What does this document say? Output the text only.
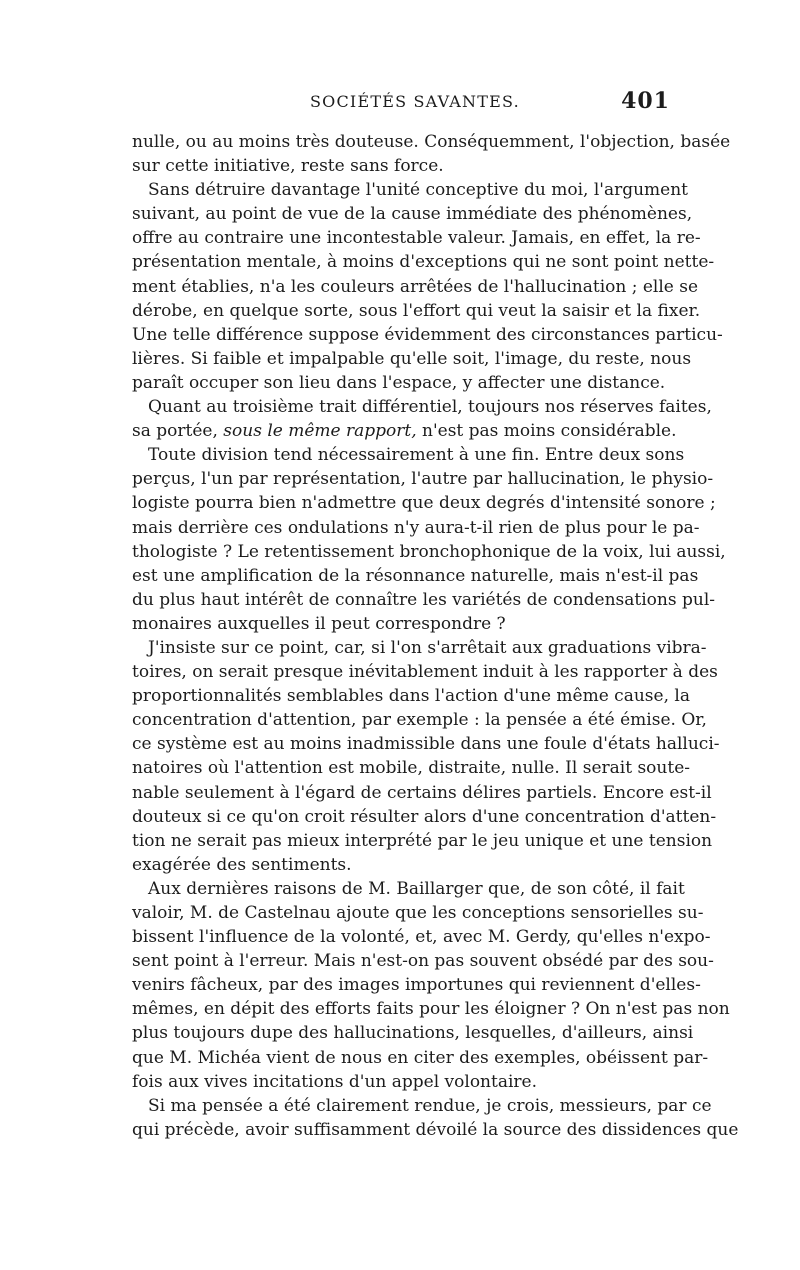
SOCIÉTÉS SAVANTES.	401
nulle, ou au moins très douteuse. Conséquemment, l'objection, basée
sur cette initiative, reste sans force.
Sans détruire davantage l'unité conceptive du moi, l'argument
suivant, au point de vue de la cause immédiate des phénomènes,
offre au contraire une incontestable valeur. Jamais, en effet, la re-
présentation mentale, à moins d'exceptions qui ne sont point nette-
ment établies, n'a les couleurs arrêtées de l'hallucination ; elle se
dérobe, en quelque sorte, sous l'effort qui veut la saisir et la fixer.
Une telle différence suppose évidemment des circonstances particu-
lières. Si faible et impalpable qu'elle soit, l'image, du reste, nous
paraît occuper son lieu dans l'espace, y affecter une distance.
Quant au troisième trait différentiel, toujours nos réserves faites,
sa portée, sous le même rapport, n'est pas moins considérable.
Toute division tend nécessairement à une fin. Entre deux sons
perçus, l'un par représentation, l'autre par hallucination, le physio-
logiste pourra bien n'admettre que deux degrés d'intensité sonore ;
mais derrière ces ondulations n'y aura-t-il rien de plus pour le pa-
thologiste ? Le retentissement bronchophonique de la voix, lui aussi,
est une amplification de la résonnance naturelle, mais n'est-il pas
du plus haut intérêt de connaître les variétés de condensations pul-
monaires auxquelles il peut correspondre ?
J'insiste sur ce point, car, si l'on s'arrêtait aux graduations vibra-
toires, on serait presque inévitablement induit à les rapporter à des
proportionnalités semblables dans l'action d'une même cause, la
concentration d'attention, par exemple : la pensée a été émise. Or,
ce système est au moins inadmissible dans une foule d'états halluci-
natoires où l'attention est mobile, distraite, nulle. Il serait soute-
nable seulement à l'égard de certains délires partiels. Encore est-il
douteux si ce qu'on croit résulter alors d'une concentration d'atten-
tion ne serait pas mieux interprété par le jeu unique et une tension
exagérée des sentiments.
Aux dernières raisons de M. Baillarger que, de son côté, il fait
valoir, M. de Castelnau ajoute que les conceptions sensorielles su-
bissent l'influence de la volonté, et, avec M. Gerdy, qu'elles n'expo-
sent point à l'erreur. Mais n'est-on pas souvent obsédé par des sou-
venirs fâcheux, par des images importunes qui reviennent d'elles-
mêmes, en dépit des efforts faits pour les éloigner ? On n'est pas non
plus toujours dupe des hallucinations, lesquelles, d'ailleurs, ainsi
que M. Michéa vient de nous en citer des exemples, obéissent par-
fois aux vives incitations d'un appel volontaire.
Si ma pensée a été clairement rendue, je crois, messieurs, par ce
qui précède, avoir suffisamment dévoilé la source des dissidences que
